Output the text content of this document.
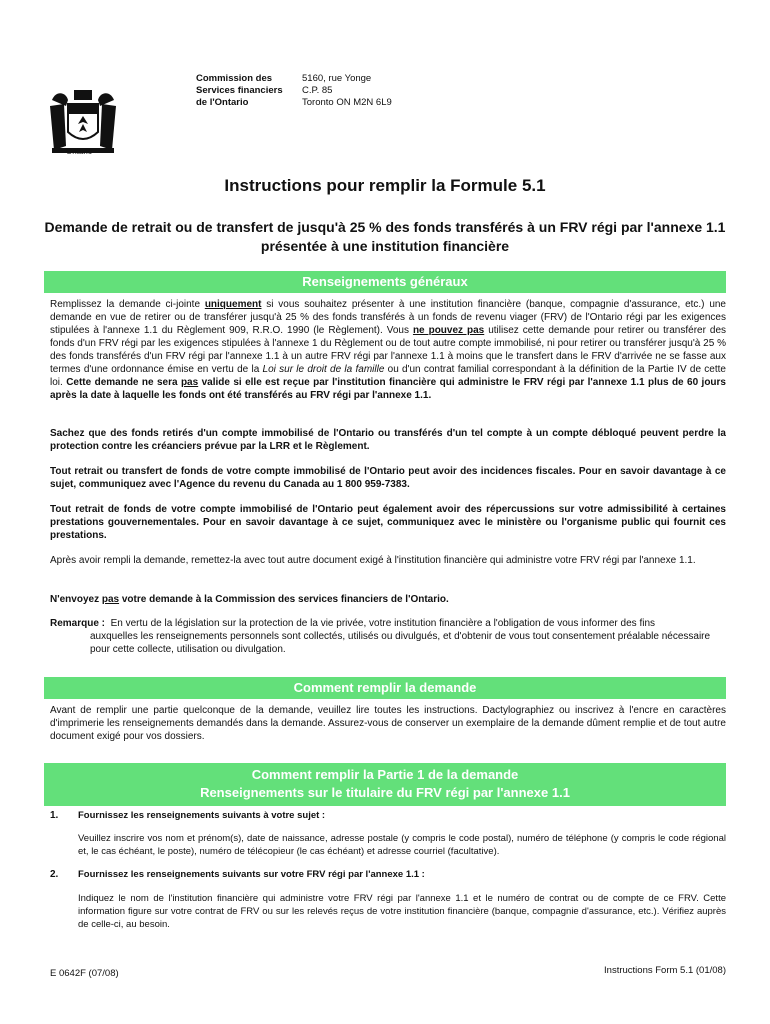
Ontario
Commission des
Services financiers
de l'Ontario
5160, rue Yonge
C.P. 85
Toronto ON M2N 6L9
Instructions pour remplir la Formule 5.1
Demande de retrait ou de transfert de jusqu'à 25 % des fonds transférés à un FRV régi par l'annexe 1.1 présentée à une institution financière
Renseignements généraux
Remplissez la demande ci-jointe uniquement si vous souhaitez présenter à une institution financière (banque, compagnie d'assurance, etc.) une demande en vue de retirer ou de transférer jusqu'à 25 % des fonds transférés à un fonds de revenu viager (FRV) de l'Ontario régi par les exigences stipulées à l'annexe 1.1 du Règlement 909, R.R.O. 1990 (le Règlement). Vous ne pouvez pas utilisez cette demande pour retirer ou transférer des fonds d'un FRV régi par les exigences stipulées à l'annexe 1 du Règlement ou de tout autre compte immobilisé, ni pour retirer ou transférer jusqu'à 25 % des fonds transférés d'un FRV régi par l'annexe 1.1 à un autre FRV régi par l'annexe 1.1 à moins que le transfert dans le FRV d'arrivée ne se fasse aux termes d'une ordonnance émise en vertu de la Loi sur le droit de la famille ou d'un contrat familial correspondant à la définition de la Partie IV de cette loi. Cette demande ne sera pas valide si elle est reçue par l'institution financière qui administre le FRV régi par l'annexe 1.1 plus de 60 jours après la date à laquelle les fonds ont été transférés au FRV régi par l'annexe 1.1.
Sachez que des fonds retirés d'un compte immobilisé de l'Ontario ou transférés d'un tel compte à un compte débloqué peuvent perdre la protection contre les créanciers prévue par la LRR et le Règlement.
Tout retrait ou transfert de fonds de votre compte immobilisé de l'Ontario peut avoir des incidences fiscales. Pour en savoir davantage à ce sujet, communiquez avec l'Agence du revenu du Canada au 1 800 959-7383.
Tout retrait de fonds de votre compte immobilisé de l'Ontario peut également avoir des répercussions sur votre admissibilité à certaines prestations gouvernementales. Pour en savoir davantage à ce sujet, communiquez avec le ministère ou l'organisme public qui fournit ces prestations.
Après avoir rempli la demande, remettez-la avec tout autre document exigé à l'institution financière qui administre votre FRV régi par l'annexe 1.1.
N'envoyez pas votre demande à la Commission des services financiers de l'Ontario.
Remarque : En vertu de la législation sur la protection de la vie privée, votre institution financière a l'obligation de vous informer des fins
auxquelles les renseignements personnels sont collectés, utilisés ou divulgués, et d'obtenir de vous tout consentement préalable nécessaire pour cette collecte, utilisation ou divulgation.
Comment remplir la demande
Avant de remplir une partie quelconque de la demande, veuillez lire toutes les instructions. Dactylographiez ou inscrivez à l'encre en caractères d'imprimerie les renseignements demandés dans la demande. Assurez-vous de conserver un exemplaire de la demande dûment remplie et de tout autre document exigé pour vos dossiers.
Comment remplir la Partie 1 de la demande
Renseignements sur le titulaire du FRV régi par l'annexe 1.1
1. Fournissez les renseignements suivants à votre sujet :
Veuillez inscrire vos nom et prénom(s), date de naissance, adresse postale (y compris le code postal), numéro de téléphone (y compris le code régional et, le cas échéant, le poste), numéro de télécopieur (le cas échéant) et adresse courriel (facultative).
2. Fournissez les renseignements suivants sur votre FRV régi par l'annexe 1.1 :
Indiquez le nom de l'institution financière qui administre votre FRV régi par l'annexe 1.1 et le numéro de contrat ou de compte de ce FRV. Cette information figure sur votre contrat de FRV ou sur les relevés reçus de votre institution financière (banque, compagnie d'assurance, etc.). Vérifiez auprès de celle-ci, au besoin.
E 0642F (07/08)	Instructions Form 5.1 (01/08)
